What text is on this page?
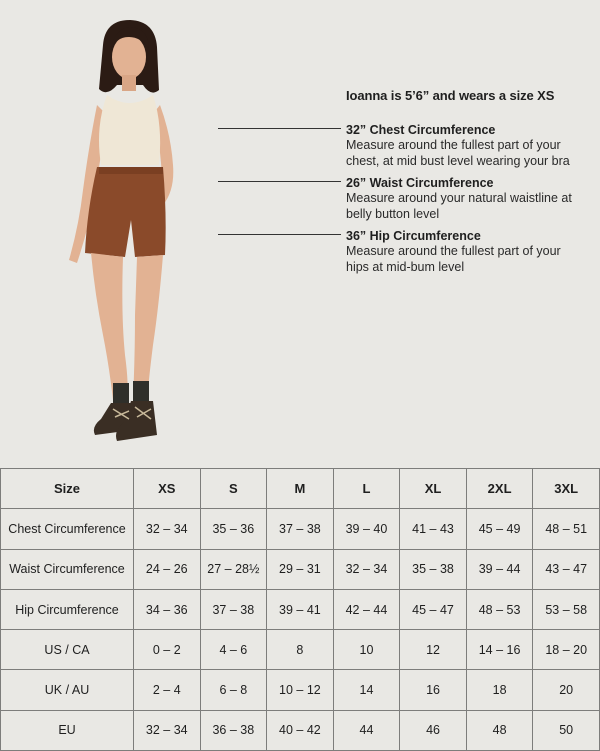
Ioanna is 5’6” and wears a size XS
32” Chest Circumference
Measure around the fullest part of your chest, at mid bust level wearing your bra
26” Waist Circumference
Measure around your natural waistline at belly button level
36” Hip Circumference
Measure around the fullest part of your hips at mid-bum level
Size	XS	S	M	L	XL	2XL	3XL
Chest Circumference	32 – 34	35 – 36	37 – 38	39 – 40	41 – 43	45 – 49	48 – 51
Waist Circumference	24 – 26	27 – 28½	29 – 31	32 – 34	35 – 38	39 – 44	43 – 47
Hip Circumference	34 – 36	37 – 38	39 – 41	42 – 44	45 – 47	48 – 53	53 – 58
US / CA	0 – 2	4 – 6	8	10	12	14 – 16	18 – 20
UK / AU	2 – 4	6 – 8	10 – 12	14	16	18	20
EU	32 – 34	36 – 38	40 – 42	44	46	48	50
